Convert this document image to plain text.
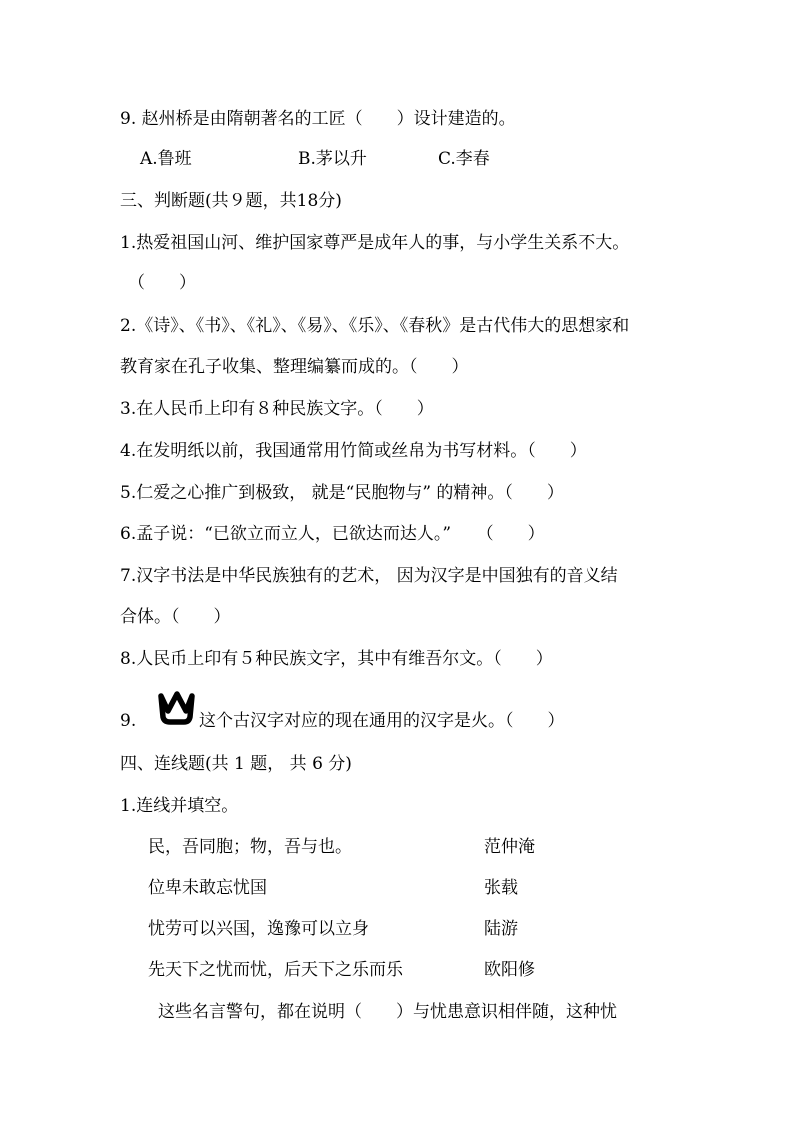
9. 赵州桥是由隋朝著名的工匠（　　）设计建造的。
A.鲁班	B.茅以升	C.李春
三、判断题(共９题，共18分)
1.热爱祖国山河、维护国家尊严是成年人的事，与小学生关系不大。
（　　）
2.《诗》、《书》、《礼》、《易》、《乐》、《春秋》是古代伟大的思想家和
教育家在孔子收集、整理编纂而成的。（　　）
3.在人民币上印有８种民族文字。（　　）
4.在发明纸以前，我国通常用竹简或丝帛为书写材料。（　　）
5.仁爱之心推广到极致， 就是“民胞物与” 的精神。（　　）
6.孟子说：“已欲立而立人，已欲达而达人。”　　（　　）
7.汉字书法是中华民族独有的艺术， 因为汉字是中国独有的音义结
合体。（　　）
8.人民币上印有５种民族文字，其中有维吾尔文。（　　）
9.	这个古汉字对应的现在通用的汉字是火。（　　）
四、连线题(共 1 题， 共 6 分)
1.连线并填空。
民，吾同胞；物，吾与也。	范仲淹
位卑未敢忘忧国	张载
忧劳可以兴国，逸豫可以立身	陆游
先天下之忧而忧，后天下之乐而乐	欧阳修
这些名言警句，都在说明（　　）与忧患意识相伴随，这种忧
